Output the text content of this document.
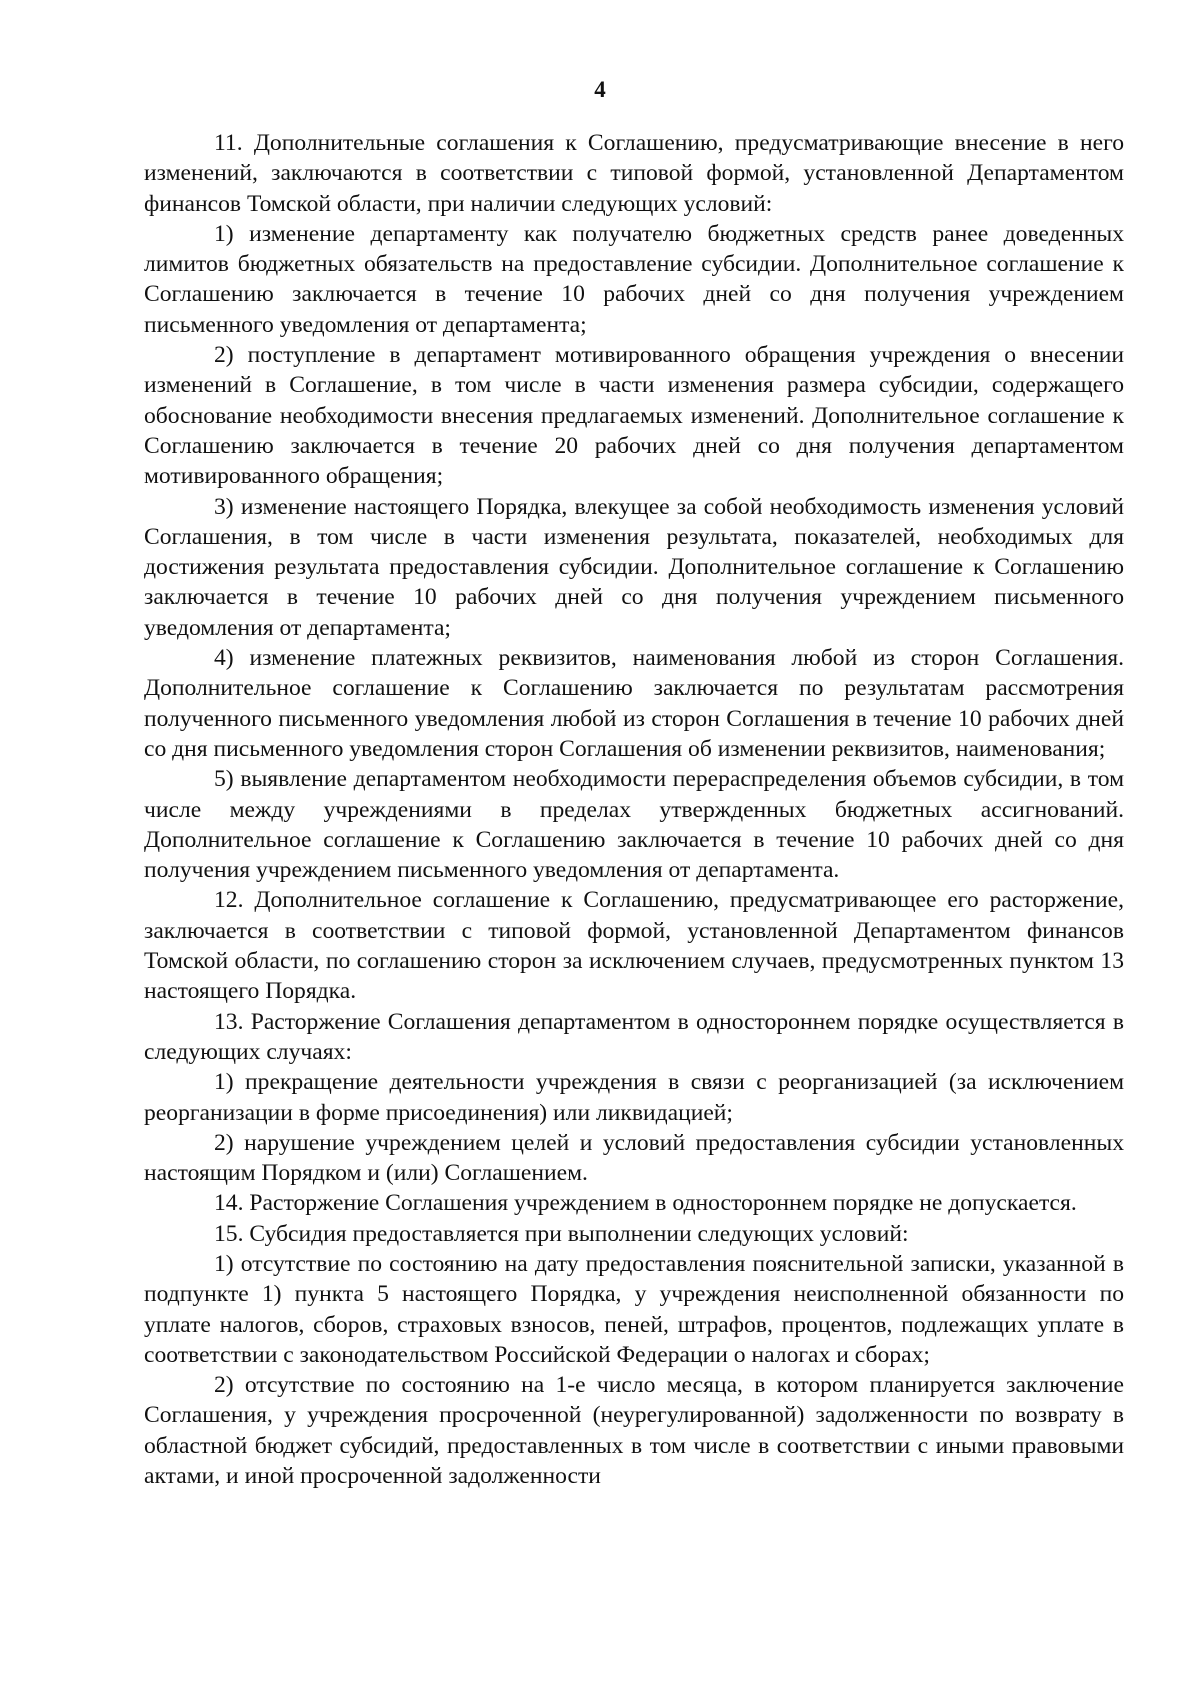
4

11. Дополнительные соглашения к Соглашению, предусматривающие внесение в него изменений, заключаются в соответствии с типовой формой, установленной Департаментом финансов Томской области, при наличии следующих условий:

1) изменение департаменту как получателю бюджетных средств ранее доведенных лимитов бюджетных обязательств на предоставление субсидии. Дополнительное соглашение к Соглашению заключается в течение 10 рабочих дней со дня получения учреждением письменного уведомления от департамента;

2) поступление в департамент мотивированного обращения учреждения о внесении изменений в Соглашение, в том числе в части изменения размера субсидии, содержащего обоснование необходимости внесения предлагаемых изменений. Дополнительное соглашение к Соглашению заключается в течение 20 рабочих дней со дня получения департаментом мотивированного обращения;

3) изменение настоящего Порядка, влекущее за собой необходимость изменения условий Соглашения, в том числе в части изменения результата, показателей, необходимых для достижения результата предоставления субсидии. Дополнительное соглашение к Соглашению заключается в течение 10 рабочих дней со дня получения учреждением письменного уведомления от департамента;

4) изменение платежных реквизитов, наименования любой из сторон Соглашения. Дополнительное соглашение к Соглашению заключается по результатам рассмотрения полученного письменного уведомления любой из сторон Соглашения в течение 10 рабочих дней со дня письменного уведомления сторон Соглашения об изменении реквизитов, наименования;

5) выявление департаментом необходимости перераспределения объемов субсидии, в том числе между учреждениями в пределах утвержденных бюджетных ассигнований. Дополнительное соглашение к Соглашению заключается в течение 10 рабочих дней со дня получения учреждением письменного уведомления от департамента.

12. Дополнительное соглашение к Соглашению, предусматривающее его расторжение, заключается в соответствии с типовой формой, установленной Департаментом финансов Томской области, по соглашению сторон за исключением случаев, предусмотренных пунктом 13 настоящего Порядка.

13. Расторжение Соглашения департаментом в одностороннем порядке осуществляется в следующих случаях:

1) прекращение деятельности учреждения в связи с реорганизацией (за исключением реорганизации в форме присоединения) или ликвидацией;

2) нарушение учреждением целей и условий предоставления субсидии установленных настоящим Порядком и (или) Соглашением.

14. Расторжение Соглашения учреждением в одностороннем порядке не допускается.

15. Субсидия предоставляется при выполнении следующих условий:

1) отсутствие по состоянию на дату предоставления пояснительной записки, указанной в подпункте 1) пункта 5 настоящего Порядка, у учреждения неисполненной обязанности по уплате налогов, сборов, страховых взносов, пеней, штрафов, процентов, подлежащих уплате в соответствии с законодательством Российской Федерации о налогах и сборах;

2) отсутствие по состоянию на 1-е число месяца, в котором планируется заключение Соглашения, у учреждения просроченной (неурегулированной) задолженности по возврату в областной бюджет субсидий, предоставленных в том числе в соответствии с иными правовыми актами, и иной просроченной задолженности
